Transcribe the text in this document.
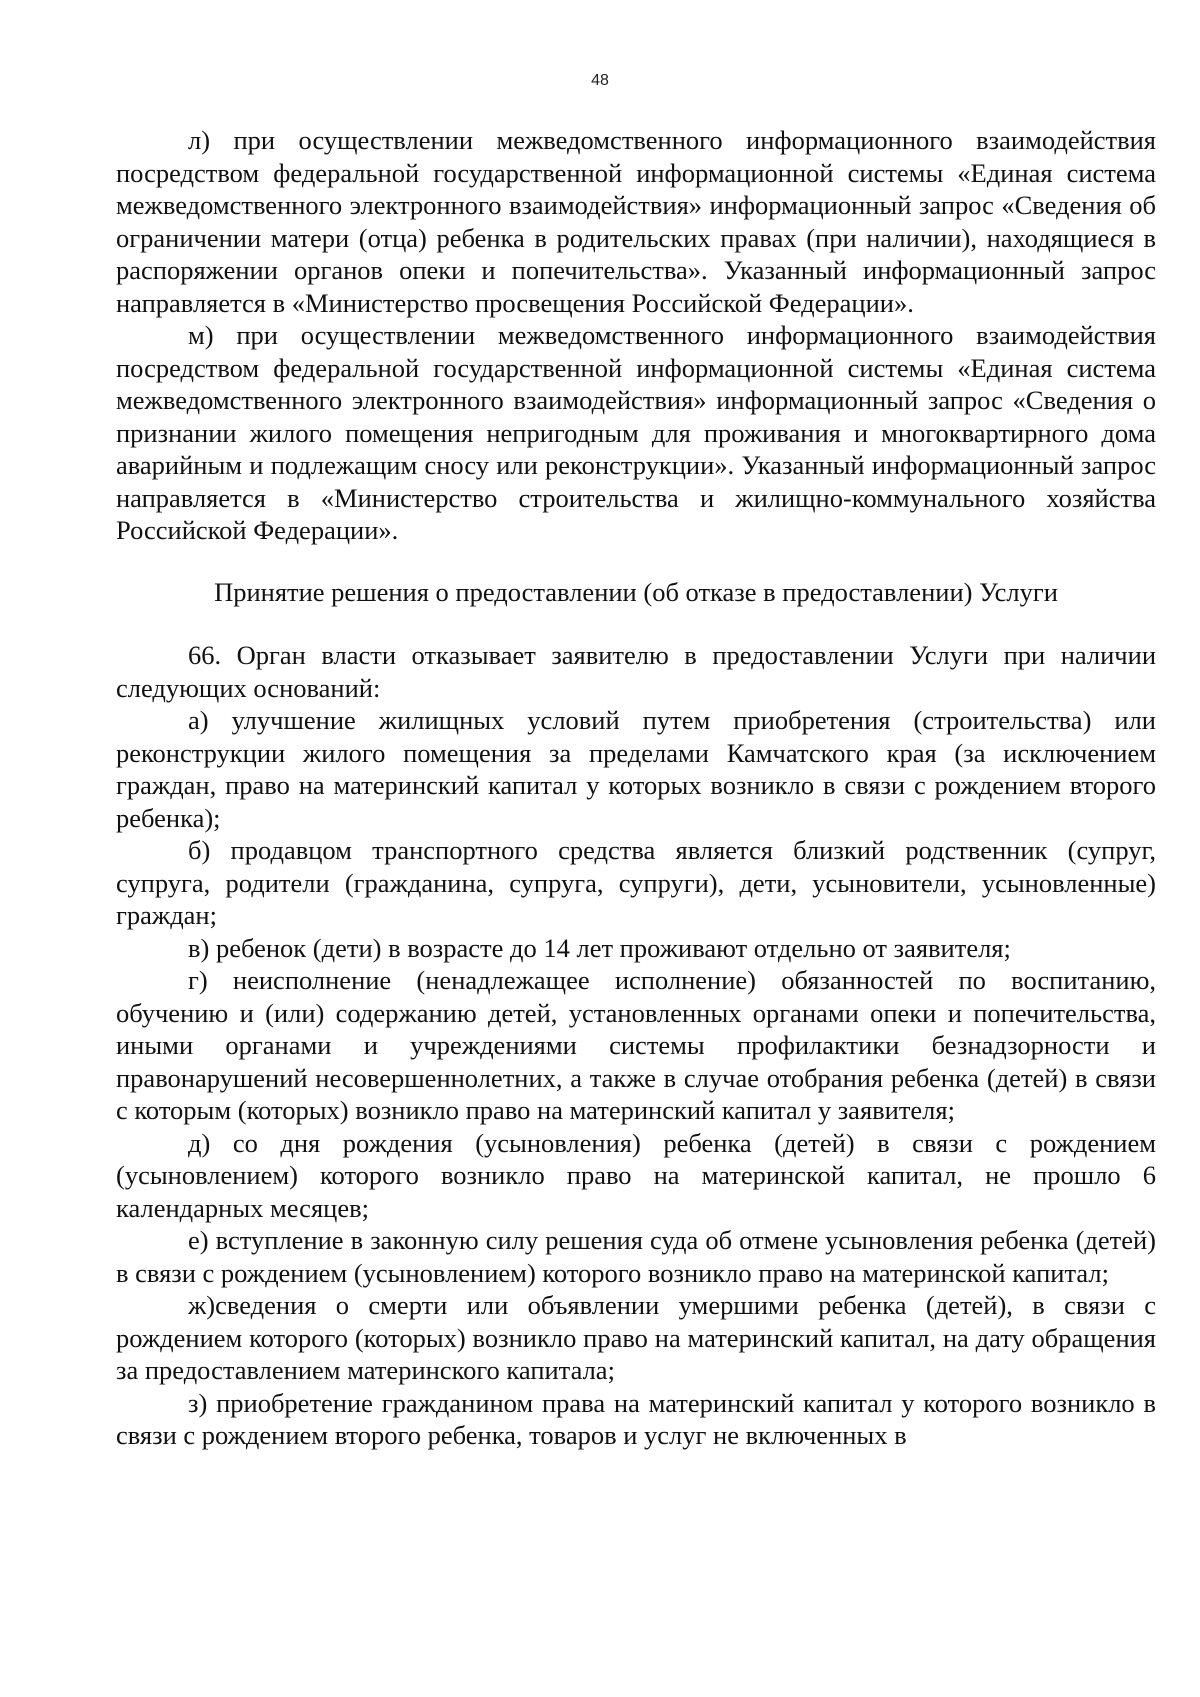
48

л) при осуществлении межведомственного информационного взаимодействия посредством федеральной государственной информационной системы «Единая система межведомственного электронного взаимодействия» информационный запрос «Сведения об ограничении матери (отца) ребенка в родительских правах (при наличии), находящиеся в распоряжении органов опеки и попечительства». Указанный информационный запрос направляется в «Министерство просвещения Российской Федерации».

м) при осуществлении межведомственного информационного взаимодействия посредством федеральной государственной информационной системы «Единая система межведомственного электронного взаимодействия» информационный запрос «Сведения о признании жилого помещения непригодным для проживания и многоквартирного дома аварийным и подлежащим сносу или реконструкции». Указанный информационный запрос направляется в «Министерство строительства и жилищно-коммунального хозяйства Российской Федерации».

Принятие решения о предоставлении (об отказе в предоставлении) Услуги

66. Орган власти отказывает заявителю в предоставлении Услуги при наличии следующих оснований:

а) улучшение жилищных условий путем приобретения (строительства) или реконструкции жилого помещения за пределами Камчатского края (за исключением граждан, право на материнский капитал у которых возникло в связи с рождением второго ребенка);

б) продавцом транспортного средства является близкий родственник (супруг, супруга, родители (гражданина, супруга, супруги), дети, усыновители, усыновленные) граждан;

в) ребенок (дети) в возрасте до 14 лет проживают отдельно от заявителя;

г) неисполнение (ненадлежащее исполнение) обязанностей по воспитанию, обучению и (или) содержанию детей, установленных органами опеки и попечительства, иными органами и учреждениями системы профилактики безнадзорности и правонарушений несовершеннолетних, а также в случае отобрания ребенка (детей) в связи с которым (которых) возникло право на материнский капитал у заявителя;

д) со дня рождения (усыновления) ребенка (детей) в связи с рождением (усыновлением) которого возникло право на материнской капитал, не прошло 6 календарных месяцев;

е) вступление в законную силу решения суда об отмене усыновления ребенка (детей) в связи с рождением (усыновлением) которого возникло право на материнской капитал;

ж)сведения о смерти или объявлении умершими ребенка (детей), в связи с рождением которого (которых) возникло право на материнский капитал, на дату обращения за предоставлением материнского капитала;

з) приобретение гражданином права на материнский капитал у которого возникло в связи с рождением второго ребенка, товаров и услуг не включенных в
